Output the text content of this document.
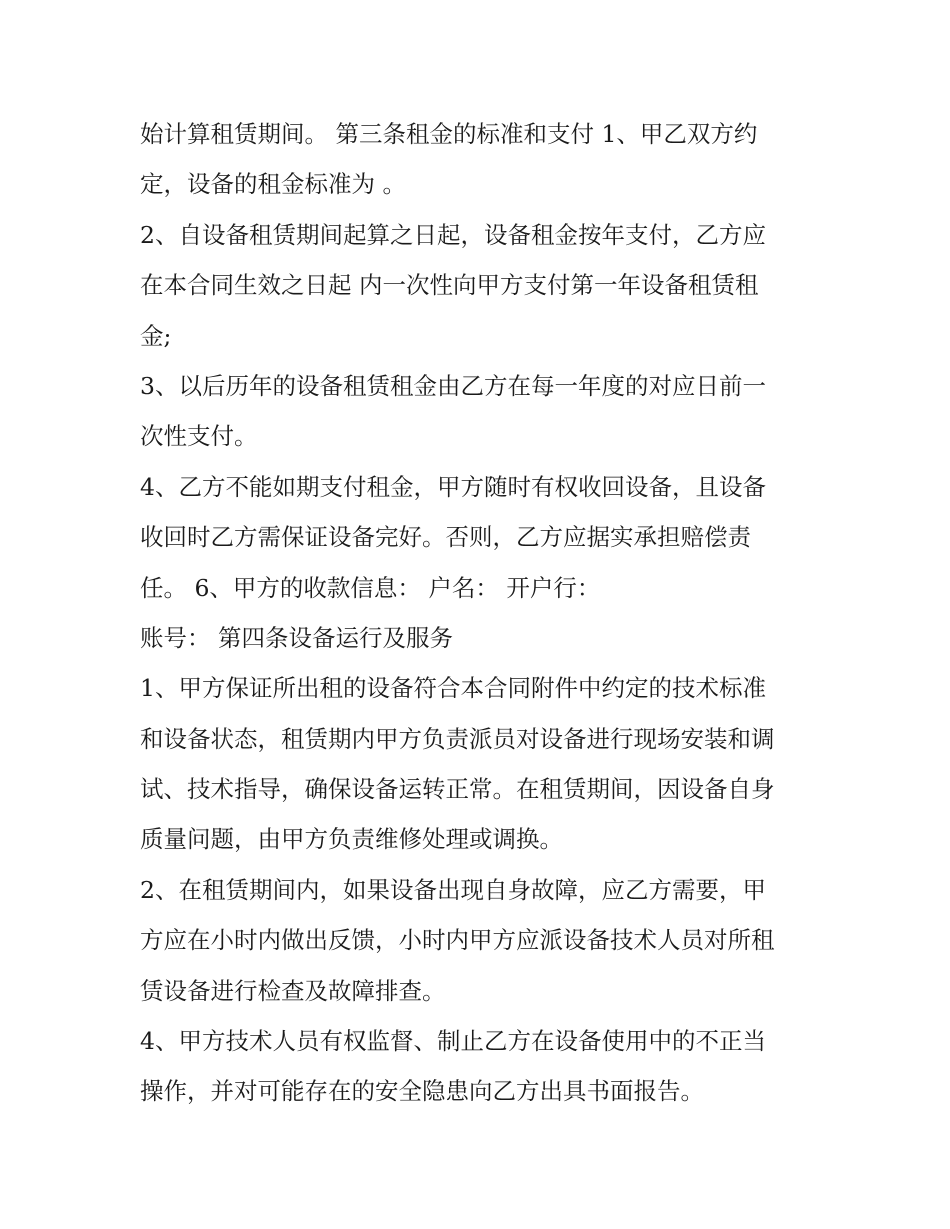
始计算租赁期间。 第三条租金的标准和支付 1、甲乙双方约
定，设备的租金标准为 。
2、自设备租赁期间起算之日起，设备租金按年支付，乙方应
在本合同生效之日起 内一次性向甲方支付第一年设备租赁租
金;
3、以后历年的设备租赁租金由乙方在每一年度的对应日前一
次性支付。
4、乙方不能如期支付租金，甲方随时有权收回设备，且设备
收回时乙方需保证设备完好。否则，乙方应据实承担赔偿责
任。 6、甲方的收款信息： 户名： 开户行：
账号： 第四条设备运行及服务
1、甲方保证所出租的设备符合本合同附件中约定的技术标准
和设备状态，租赁期内甲方负责派员对设备进行现场安装和调
试、技术指导，确保设备运转正常。在租赁期间，因设备自身
质量问题，由甲方负责维修处理或调换。
2、在租赁期间内，如果设备出现自身故障，应乙方需要，甲
方应在小时内做出反馈，小时内甲方应派设备技术人员对所租
赁设备进行检查及故障排查。
4、甲方技术人员有权监督、制止乙方在设备使用中的不正当
操作，并对可能存在的安全隐患向乙方出具书面报告。
